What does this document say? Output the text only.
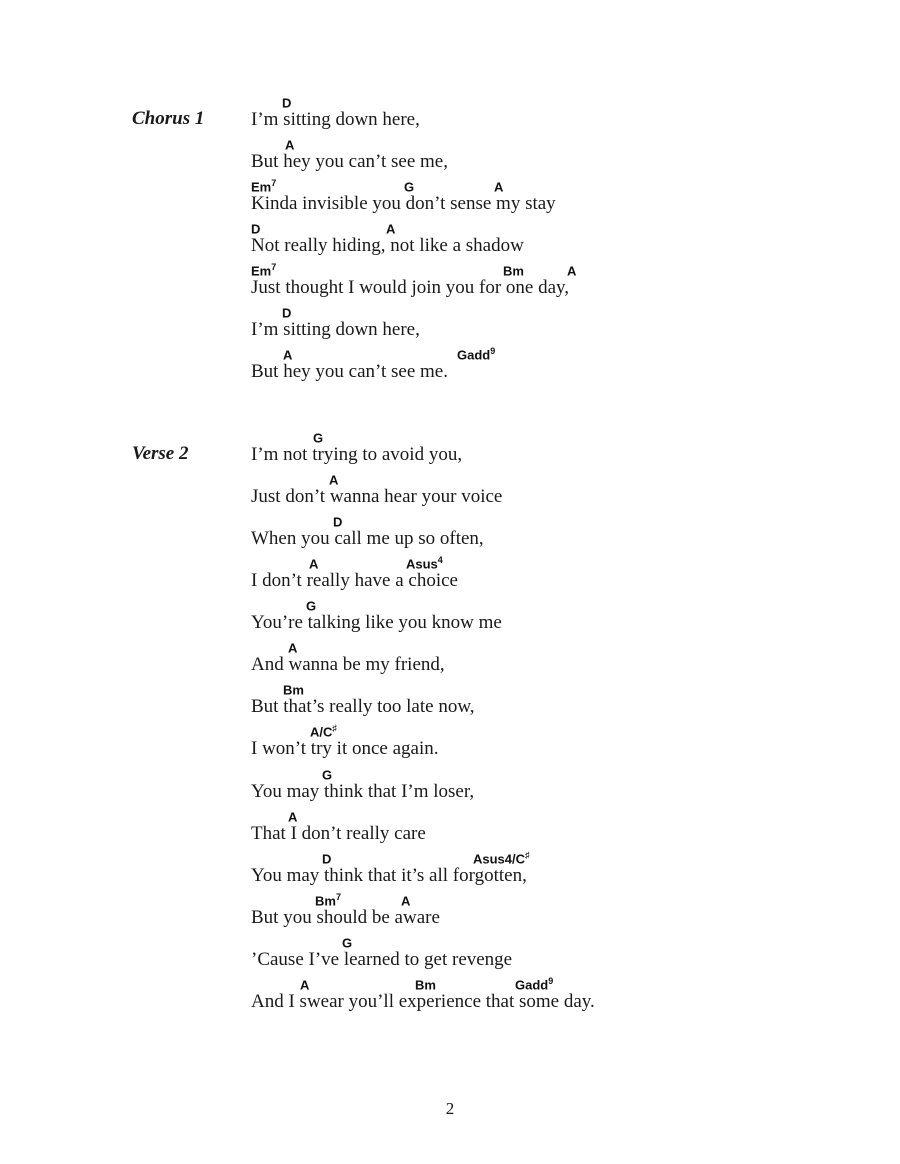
Chorus 1
D
I’m sitting down here,
A
But hey you can’t see me,
Em$^7$	G	A
Kinda invisible you don’t sense my stay
D	A
Not really hiding, not like a shadow
Em$^7$	Bm	A
Just thought I would join you for one day,
D
I’m sitting down here,
A	Gadd$^9$
But hey you can’t see me.
Verse 2
G
I’m not trying to avoid you,
A
Just don’t wanna hear your voice
D
When you call me up so often,
A	Asus$^4$
I don’t really have a choice
G
You’re talking like you know me
A
And wanna be my friend,
Bm
But that’s really too late now,
A/C♯
I won’t try it once again.
G
You may think that I’m loser,
A
That I don’t really care
D	Asus4/C♯
You may think that it’s all forgotten,
Bm$^7$	A
But you should be aware
G
’Cause I’ve learned to get revenge
A	Bm	Gadd$^9$
And I swear you’ll experience that some day.
2
